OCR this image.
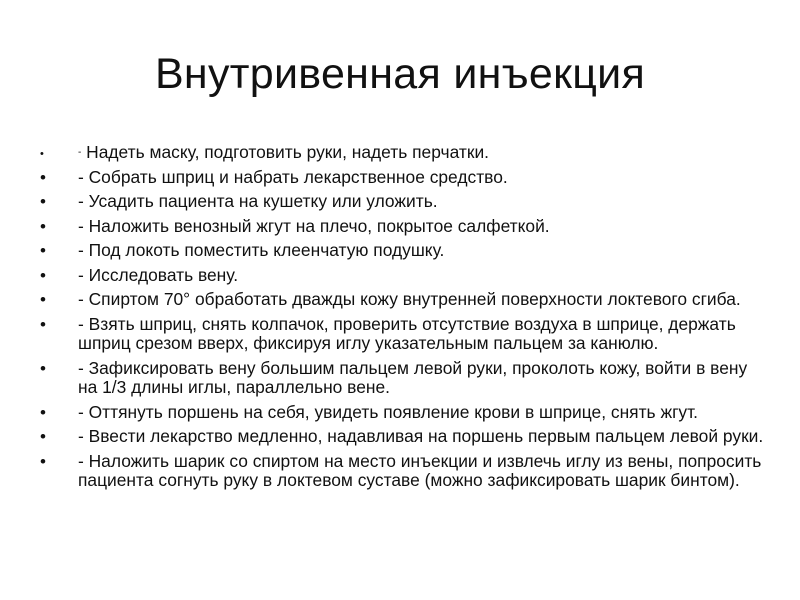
Внутривенная инъекция
•	- Надеть маску, подготовить руки, надеть перчатки.
• - Собрать шприц и набрать лекарственное средство.
• - Усадить пациента на кушетку или уложить.
• - Наложить венозный жгут на плечо, покрытое салфеткой.
• - Под локоть поместить клеенчатую подушку.
• - Исследовать вену.
• - Спиртом 70° обработать дважды кожу внутренней поверхности локтевого сгиба.
• - Взять шприц, снять колпачок, проверить отсутствие воздуха в шприце, держать шприц срезом вверх, фиксируя иглу указательным пальцем за канюлю.
• - Зафиксировать вену большим пальцем левой руки, проколоть кожу, войти в вену на 1/3 длины иглы, параллельно вене.
• - Оттянуть поршень на себя, увидеть появление крови в шприце, снять жгут.
• - Ввести лекарство медленно, надавливая на поршень первым пальцем левой руки.
• - Наложить шарик со спиртом на место инъекции и извлечь иглу из вены, попросить пациента согнуть руку в локтевом суставе (можно зафиксировать шарик бинтом).
